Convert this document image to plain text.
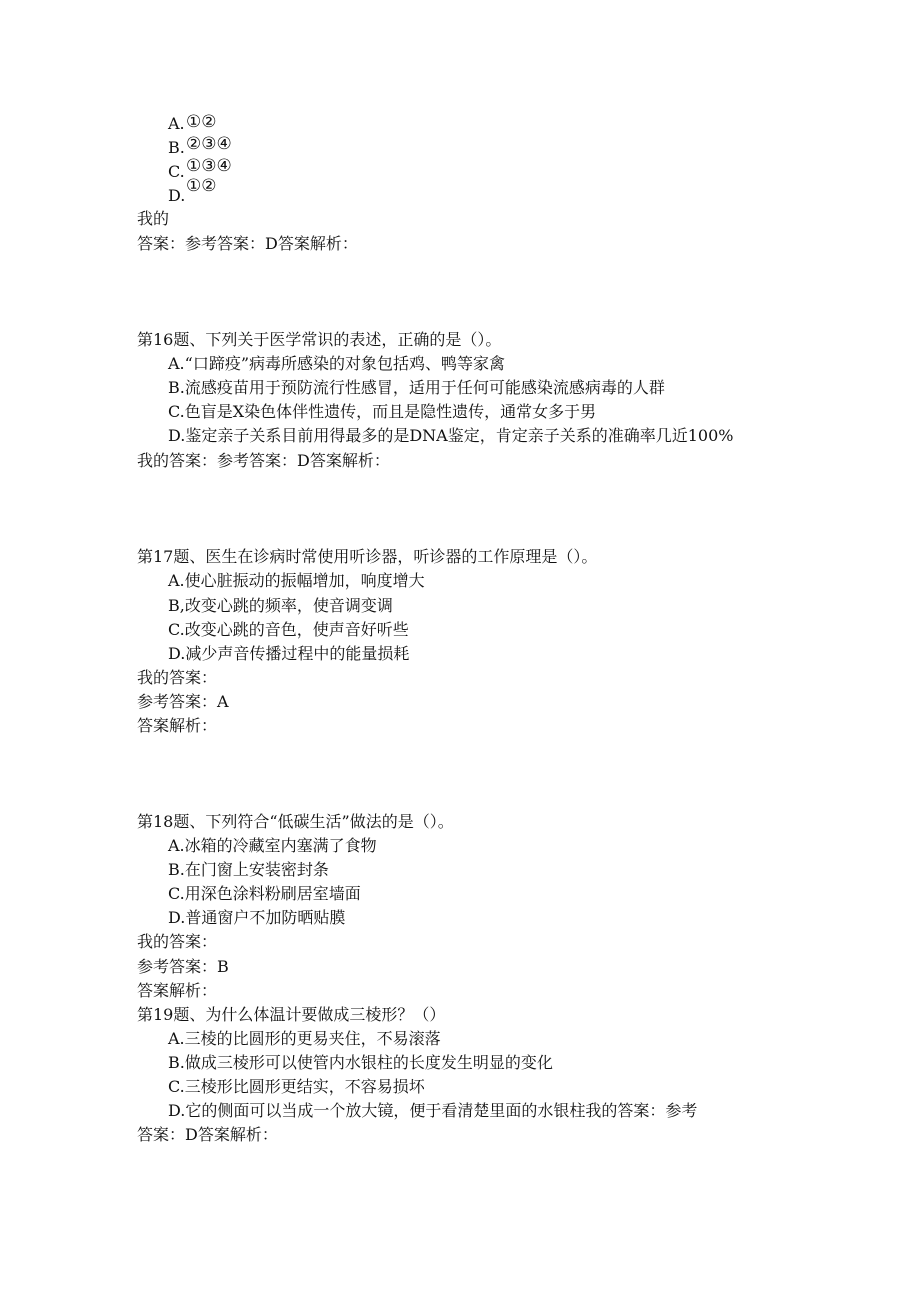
A.
B.
C.
D.
①②
②③④
①③④
①②
我的
答案：参考答案：D答案解析：
第16题、下列关于医学常识的表述，正确的是（）。
A.“口蹄疫”病毒所感染的对象包括鸡、鸭等家禽
B.流感疫苗用于预防流行性感冒，适用于任何可能感染流感病毒的人群
C.色盲是X染色体伴性遗传，而且是隐性遗传，通常女多于男
D.鉴定亲子关系目前用得最多的是DNA鉴定，肯定亲子关系的准确率几近100%
我的答案：参考答案：D答案解析：
第17题、医生在诊病时常使用听诊器，听诊器的工作原理是（）。
A.使心脏振动的振幅增加，响度增大
B,改变心跳的频率，使音调变调
C.改变心跳的音色，使声音好听些
D.减少声音传播过程中的能量损耗
我的答案：
参考答案：A
答案解析：
第18题、下列符合“低碳生活”做法的是（）。
A.冰箱的冷藏室内塞满了食物
B.在门窗上安装密封条
C.用深色涂料粉刷居室墙面
D.普通窗户不加防晒贴膜
我的答案：
参考答案：B
答案解析：
第19题、为什么体温计要做成三棱形？（）
A.三棱的比圆形的更易夹住，不易滚落
B.做成三棱形可以使管内水银柱的长度发生明显的变化
C.三棱形比圆形更结实，不容易损坏
D.它的侧面可以当成一个放大镜，便于看清楚里面的水银柱我的答案：参考
答案：D答案解析：
